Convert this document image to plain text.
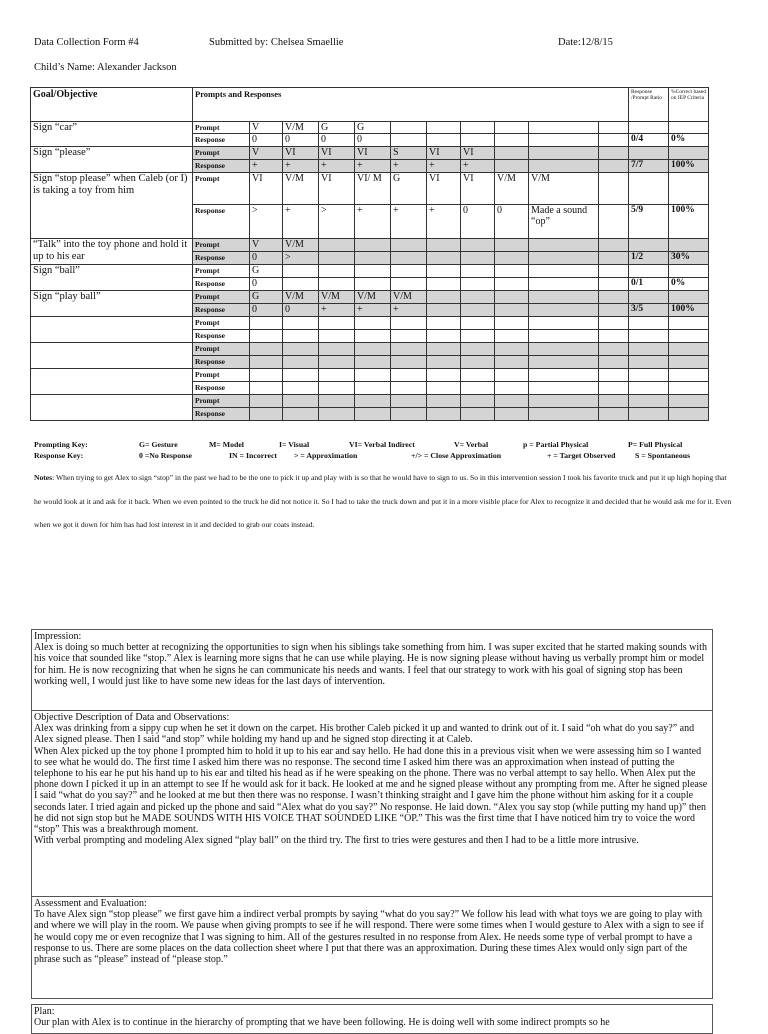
Data Collection Form #4	Submitted by: Chelsea Smaellie	Date:12/8/15
Child’s Name: Alexander Jackson
Goal/Objective	Prompts and Responses											Response /Prompt Ratio	%Correct based on IEP Criteria
Sign “car”	Prompt	V	V/M	G	G								
	Response	0	0	0	0							0/4	0%
Sign “please”	Prompt	V	VI	VI	VI	S	VI	VI					
	Response	+	+	+	+	+	+	+				7/7	100%
Sign “stop please” when Caleb (or I) is taking a toy from him	Prompt	VI	V/M	VI	VI/ M	G	VI	VI	V/M	V/M			
	Response	>	+	>	+	+	+	0	0	Made a sound “op”		5/9	100%
“Talk” into the toy phone and hold it up to his ear	Prompt	V	V/M										
	Response	0	>									1/2	30%
Sign “ball”	Prompt	G											
	Response	0										0/1	0%
Sign “play ball”	Prompt	G	V/M	V/M	V/M	V/M							
	Response	0	0	+	+	+						3/5	100%
	Prompt												
	Response												
	Prompt												
	Response												
	Prompt												
	Response												
	Prompt												
	Response												
Prompting Key:	G= Gesture	M= Model	I= Visual	VI= Verbal Indirect	V= Verbal	p = Partial Physical	P= Full Physical
Response Key:	0 =No Response	IN = Incorrect > = Approximation	+/> = Close Approximation	+ = Target Observed	S = Spontaneous
Notes: When trying to get Alex to sign “stop” in the past we had to be the one to pick it up and play with is so that he would have to sign to us. So in this intervention session I took his favorite truck and put it up high hoping that he would look at it and ask for it back. When we even pointed to the truck he did not notice it. So I had to take the truck down and put it in a more visible place for Alex to recognize it and decided that he would ask me for it. Even when we got it down for him has had lost interest in it and decided to grab our coats instead.
Impression:

Alex is doing so much better at recognizing the opportunities to sign when his siblings take something from him. I was super excited that he started making sounds with his voice that sounded like “stop.” Alex is learning more signs that he can use while playing. He is now signing please without having us verbally prompt him or model for him. He is now recognizing that when he signs he can communicate his needs and wants. I feel that our strategy to work with his goal of signing stop has been working well, I would just like to have some new ideas for the last days of intervention.

Objective Description of Data and Observations:

Alex was drinking from a sippy cup when he set it down on the carpet. His brother Caleb picked it up and wanted to drink out of it. I said “oh what do you say?” and Alex signed please. Then I said “and stop” while holding my hand up and he signed stop directing it at Caleb.

When Alex picked up the toy phone I prompted him to hold it up to his ear and say hello. He had done this in a previous visit when we were assessing him so I wanted to see what he would do. The first time I asked him there was no response. The second time I asked him there was an approximation when instead of putting the telephone to his ear he put his hand up to his ear and tilted his head as if he were speaking on the phone. There was no verbal attempt to say hello. When Alex put the phone down I picked it up in an attempt to see If he would ask for it back. He looked at me and he signed please without any prompting from me. After he signed please I said “what do you say?” and he looked at me but then there was no response. I wasn’t thinking straight and I gave him the phone without him asking for it a couple seconds later. I tried again and picked up the phone and said “Alex what do you say?” No response. He laid down. “Alex you say stop (while putting my hand up)” then he did not sign stop but he MADE SOUNDS WITH HIS VOICE THAT SOUNDED LIKE “OP.” This was the first time that I have noticed him try to voice the word “stop” This was a breakthrough moment.

With verbal prompting and modeling Alex signed “play ball” on the third try. The first to tries were gestures and then I had to be a little more intrusive.

Assessment and Evaluation:

To have Alex sign “stop please” we first gave him a indirect verbal prompts by saying “what do you say?” We follow his lead with what toys we are going to play with and where we will play in the room. We pause when giving prompts to see if he will respond. There were some times when I would gesture to Alex with a sign to see if he would copy me or even recognize that I was signing to him. All of the gestures resulted in no response from Alex. He needs some type of verbal prompt to have a response to us. There are some places on the data collection sheet where I put that there was an approximation. During these times Alex would only sign part of the phrase such as “please” instead of “please stop.”

Plan:

Our plan with Alex is to continue in the hierarchy of prompting that we have been following. He is doing well with some indirect prompts so he
